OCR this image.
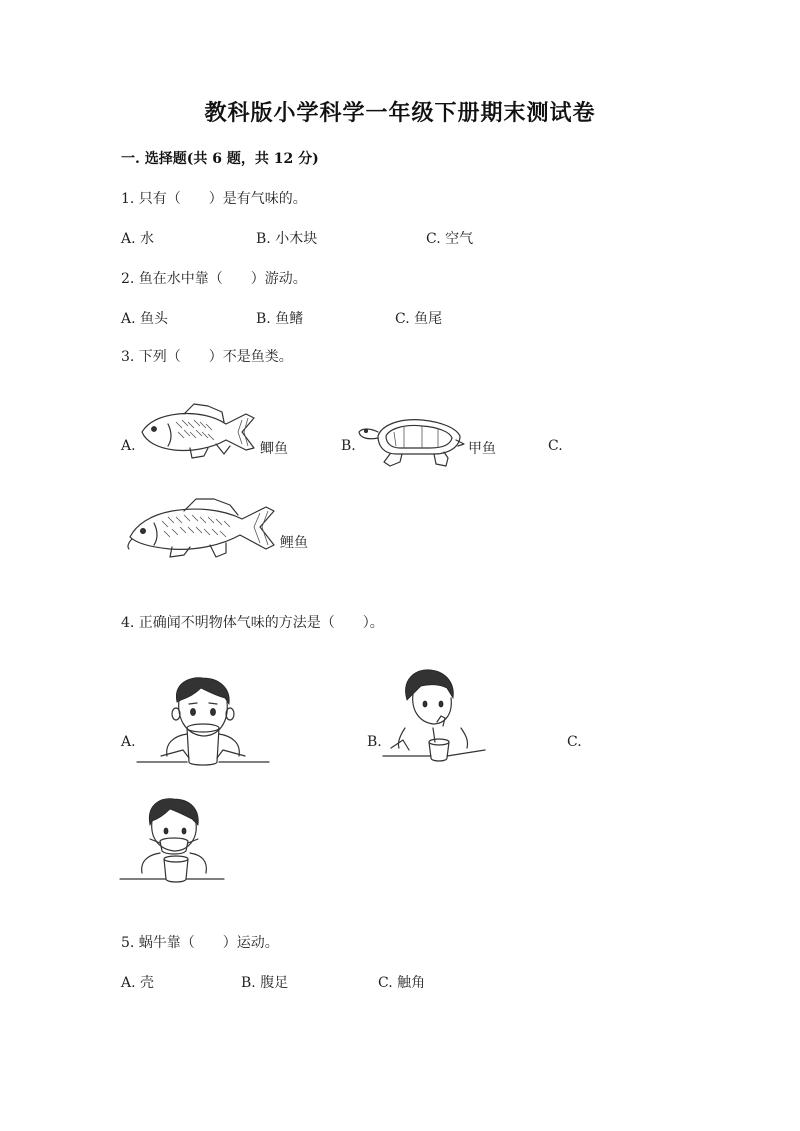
教科版小学科学一年级下册期末测试卷
一. 选择题(共 6 题，共 12 分)
1. 只有（　　）是有气味的。
A. 水	B. 小木块	C. 空气
2. 鱼在水中靠（　　）游动。
A. 鱼头	B. 鱼鳍	C. 鱼尾
3. 下列（　　）不是鱼类。
A.	鲫鱼	B.	甲鱼	C.
鲤鱼
4. 正确闻不明物体气味的方法是（　　）。
A.	B.	C.
5. 蜗牛靠（　　）运动。
A. 壳	B. 腹足	C. 触角
